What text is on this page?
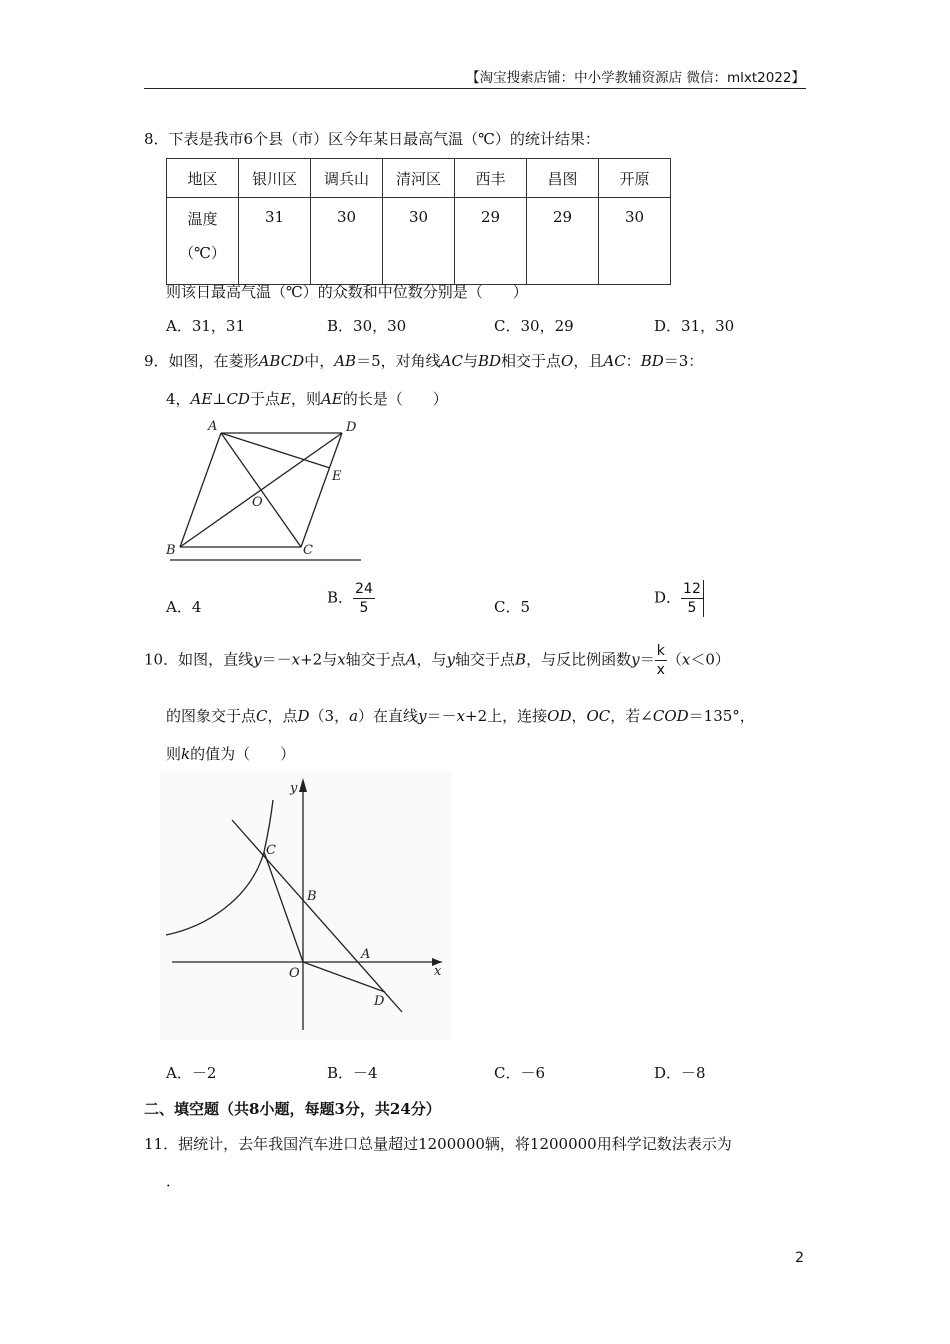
【淘宝搜索店铺：中小学教辅资源店 微信：mlxt2022】
8．下表是我市6个县（市）区今年某日最高气温（℃）的统计结果：
地区	银川区	调兵山	清河区	西丰	昌图	开原

温度
（℃）	31	30	30	29	29	30
则该日最高气温（℃）的众数和中位数分别是（　　）
A．31，31	B．30，30	C．30，29	D．31，30
9．如图，在菱形ABCD中，AB＝5，对角线AC与BD相交于点O，且AC：BD＝3：
4，AE⊥CD于点E，则AE的长是（　　）
A	D
E
O
B	C
A．4
B． $\frac{24}{5}$	C．5
D． $\frac{12}{5}$
10．如图，直线y＝－x+2与x轴交于点A，与y轴交于点B，与反比例函数$y= \frac{k}{x} (x<0)$
的图象交于点C，点D（3，a）在直线y＝－x+2上，连接OD，OC，若∠COD＝135°，
则k的值为（　　）
y
x
C
B
A
O
D
A．－2	B．－4	C．－6	D．－8
二、填空题（共8小题，每题3分，共24分）
11．据统计，去年我国汽车进口总量超过1200000辆，将1200000用科学记数法表示为
．
2
